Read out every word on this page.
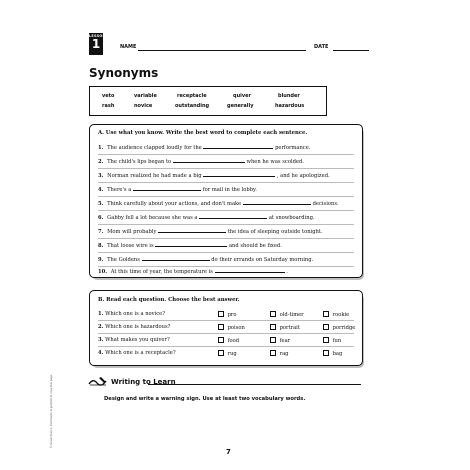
LESSON
1	NAME	DATE
Synonyms
veto	variable	receptacle	quiver	blunder
rash	novice	outstanding	generally	hazardous
A. Use what you know. Write the best word to complete each sentence.
1. The audience clapped loudly for the	performance.
2. The child's lips began to	when he was scolded.
3. Norman realized he had made a big	, and he apologized.
4. There's a	for mail in the lobby.
5. Think carefully about your actions, and don't make	decisions.
6. Gabby fell a lot because she was a	at snowboarding.
7. Mom will probably	the idea of sleeping outside tonight.
8. That loose wire is	and should be fixed.
9. The Goldens	do their errands on Saturday morning.
10. At this time of year, the temperature is	.
B. Read each question. Choose the best answer.
1. Which one is a novice?	pro	old-timer	rookie
2. Which one is hazardous?	poison	portrait	porridge
3. What makes you quiver?	food	fear	fun
4. Which one is a receptacle?	rug	rag	bag
Writing to Learn
Design and write a warning sign. Use at least two vocabulary words.
© Great Source. Permission is granted to copy this page.
7
